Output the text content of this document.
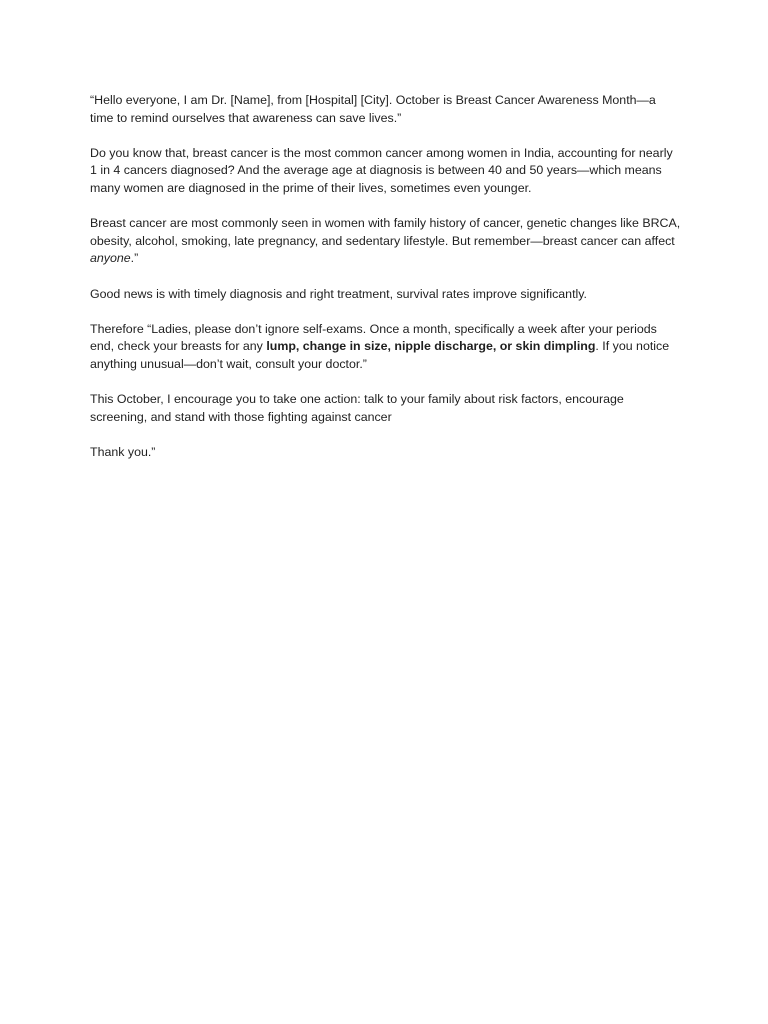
“Hello everyone, I am Dr. [Name], from [Hospital] [City]. October is Breast Cancer Awareness Month—a time to remind ourselves that awareness can save lives.”

Do you know that, breast cancer is the most common cancer among women in India, accounting for nearly 1 in 4 cancers diagnosed? And the average age at diagnosis is between 40 and 50 years—which means many women are diagnosed in the prime of their lives, sometimes even younger.

Breast cancer are most commonly seen in women with family history of cancer, genetic changes like BRCA, obesity, alcohol, smoking, late pregnancy, and sedentary lifestyle. But remember—breast cancer can affect anyone.”

Good news is with timely diagnosis and right treatment, survival rates improve significantly.

Therefore “Ladies, please don’t ignore self-exams. Once a month, specifically a week after your periods end, check your breasts for any lump, change in size, nipple discharge, or skin dimpling. If you notice anything unusual—don’t wait, consult your doctor.”

This October, I encourage you to take one action: talk to your family about risk factors, encourage screening, and stand with those fighting against cancer

Thank you.”
